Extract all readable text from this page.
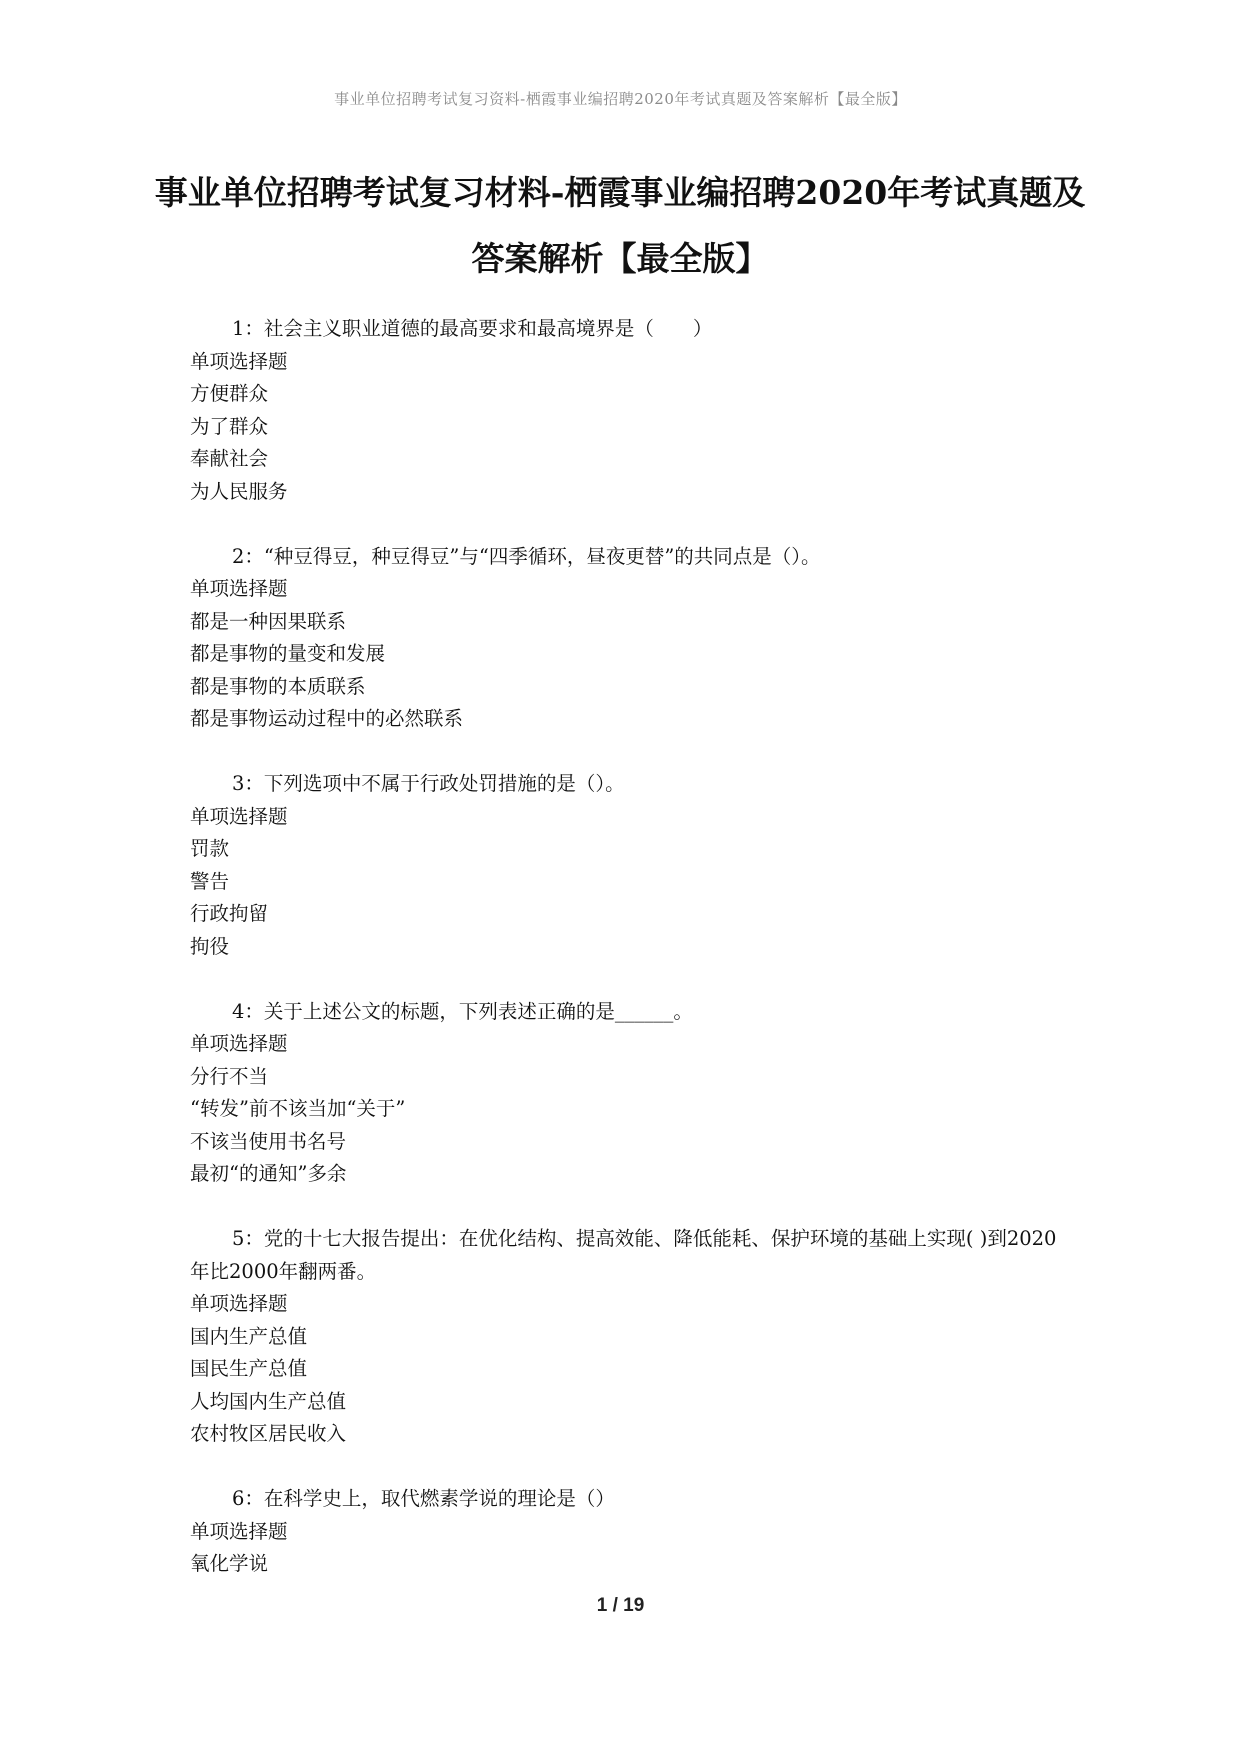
事业单位招聘考试复习资料-栖霞事业编招聘2020年考试真题及答案解析【最全版】
事业单位招聘考试复习材料-栖霞事业编招聘2020年考试真题及答案解析【最全版】
1：社会主义职业道德的最高要求和最高境界是（　　）
单项选择题
方便群众
为了群众
奉献社会
为人民服务
2：“种豆得豆，种豆得豆”与“四季循环，昼夜更替”的共同点是（）。
单项选择题
都是一种因果联系
都是事物的量变和发展
都是事物的本质联系
都是事物运动过程中的必然联系
3：下列选项中不属于行政处罚措施的是（）。
单项选择题
罚款
警告
行政拘留
拘役
4：关于上述公文的标题，下列表述正确的是______。
单项选择题
分行不当
“转发”前不该当加“关于”
不该当使用书名号
最初“的通知”多余
5：党的十七大报告提出：在优化结构、提高效能、降低能耗、保护环境的基础上实现( )到2020年比2000年翻两番。
单项选择题
国内生产总值
国民生产总值
人均国内生产总值
农村牧区居民收入
6：在科学史上，取代燃素学说的理论是（）
单项选择题
氧化学说
1 / 19
